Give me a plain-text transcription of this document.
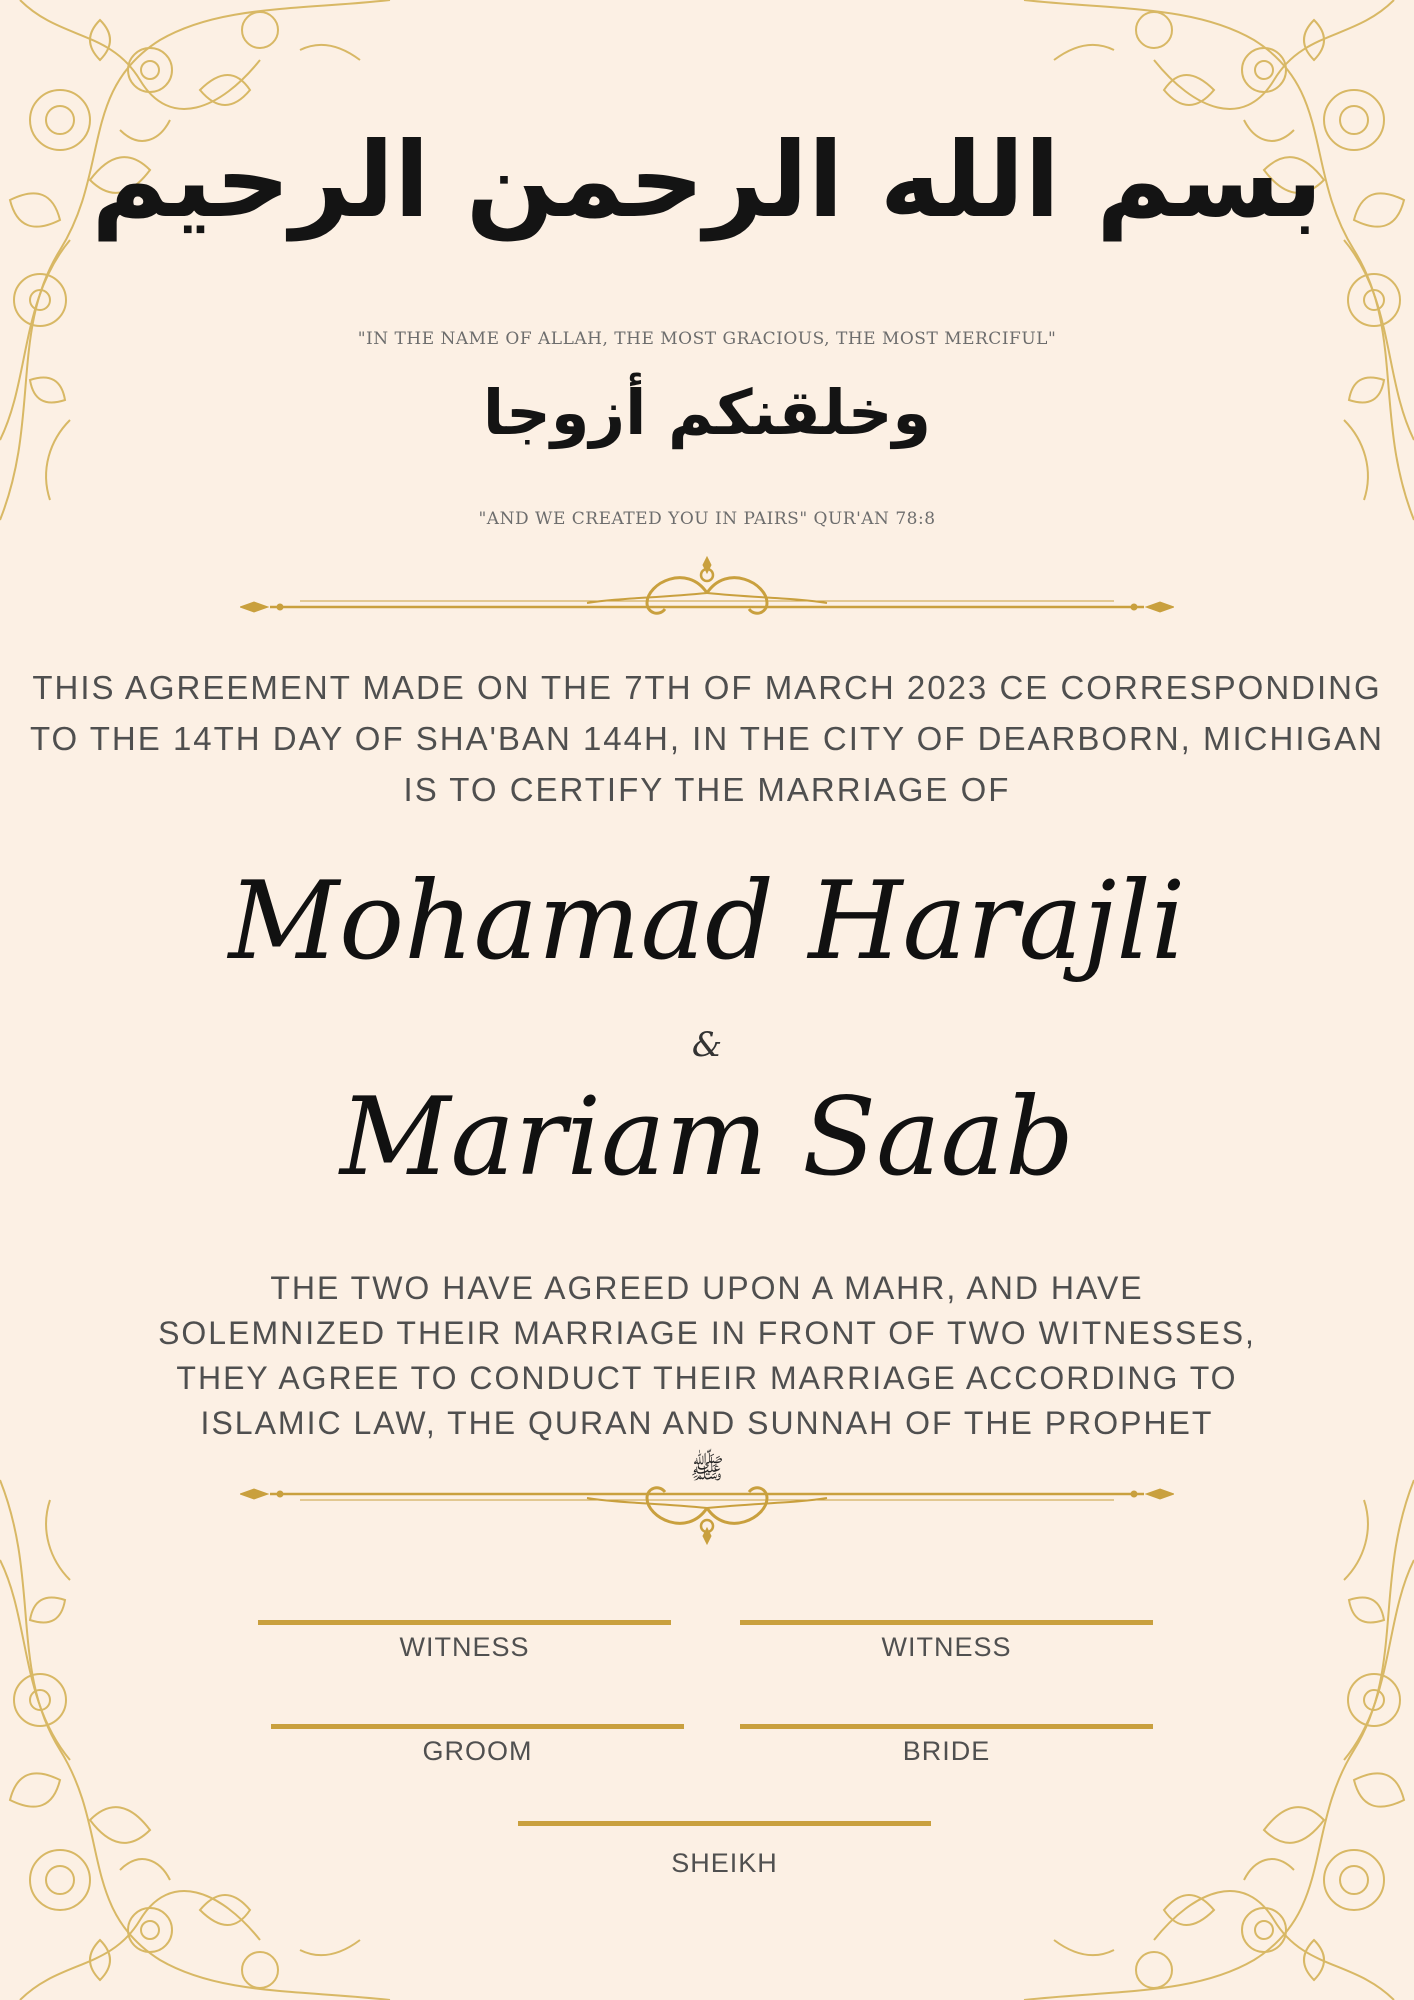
بسم الله الرحمن الرحيم
"IN THE NAME OF ALLAH, THE MOST GRACIOUS, THE MOST MERCIFUL"
وخلقنكم أزوجا
"AND WE CREATED YOU IN PAIRS" QUR'AN 78:8
THIS AGREEMENT MADE ON THE 7TH OF MARCH 2023 CE CORRESPONDING
TO THE 14TH DAY OF SHA'BAN 144H, IN THE CITY OF DEARBORN, MICHIGAN
IS TO CERTIFY THE MARRIAGE OF
Mohamad Harajli
&
Mariam Saab
THE TWO HAVE AGREED UPON A MAHR, AND HAVE
SOLEMNIZED THEIR MARRIAGE IN FRONT OF TWO WITNESSES,
THEY AGREE TO CONDUCT THEIR MARRIAGE ACCORDING TO
ISLAMIC LAW, THE QURAN AND SUNNAH OF THE PROPHET
ﷺ
WITNESS	WITNESS
GROOM	BRIDE
SHEIKH
